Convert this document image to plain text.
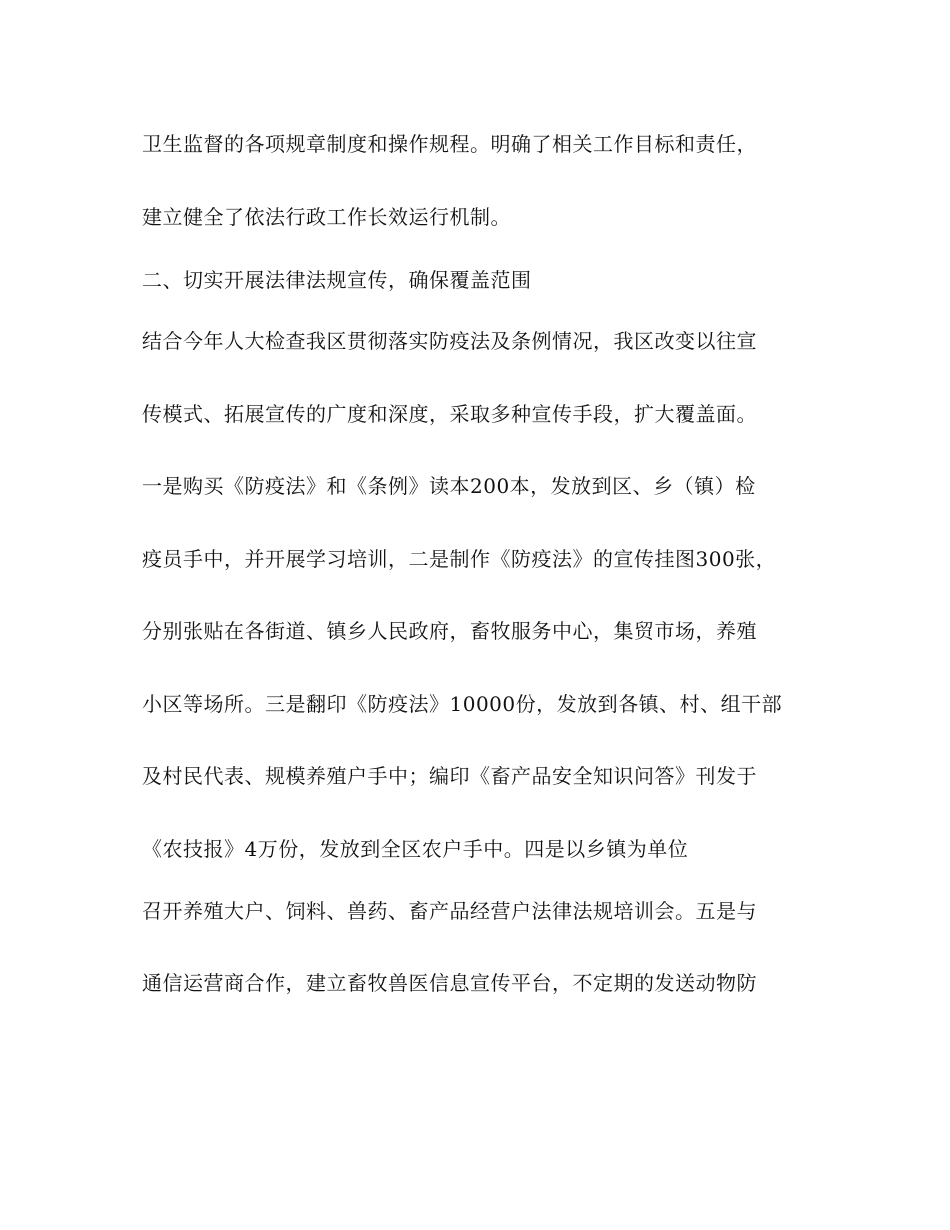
卫生监督的各项规章制度和操作规程。明确了相关工作目标和责任，
建立健全了依法行政工作长效运行机制。
二、切实开展法律法规宣传，确保覆盖范围
结合今年人大检查我区贯彻落实防疫法及条例情况，我区改变以往宣
传模式、拓展宣传的广度和深度，采取多种宣传手段，扩大覆盖面。
一是购买《防疫法》和《条例》读本200本，发放到区、乡（镇）检
疫员手中，并开展学习培训，二是制作《防疫法》的宣传挂图300张，
分别张贴在各街道、镇乡人民政府，畜牧服务中心，集贸市场，养殖
小区等场所。三是翻印《防疫法》10000份，发放到各镇、村、组干部
及村民代表、规模养殖户手中；编印《畜产品安全知识问答》刊发于
《农技报》4万份，发放到全区农户手中。四是以乡镇为单位
召开养殖大户、饲料、兽药、畜产品经营户法律法规培训会。五是与
通信运营商合作，建立畜牧兽医信息宣传平台，不定期的发送动物防
